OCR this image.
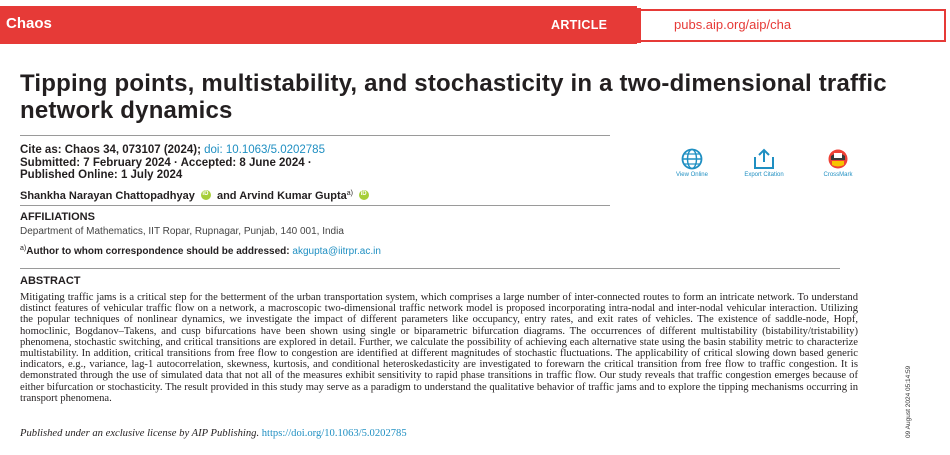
Chaos	ARTICLE	pubs.aip.org/aip/cha
Tipping points, multistability, and stochasticity in a two-dimensional traffic network dynamics
Cite as: Chaos 34, 073107 (2024); doi: 10.1063/5.0202785
Submitted: 7 February 2024 · Accepted: 8 June 2024 ·
Published Online: 1 July 2024	View Online	Export Citation	CrossMark
Shankha Narayan Chattopadhyay iD and Arvind Kumar Gupta$^{a)}$ iD
AFFILIATIONS
Department of Mathematics, IIT Ropar, Rupnagar, Punjab, 140 001, India
$^{a)}$Author to whom correspondence should be addressed: akgupta@iitrpr.ac.in
ABSTRACT

Mitigating traffic jams is a critical step for the betterment of the urban transportation system, which comprises a large number of inter-connected routes to form an intricate network. To understand distinct features of vehicular traffic flow on a network, a macroscopic two-dimensional traffic network model is proposed incorporating intra-nodal and inter-nodal vehicular interaction. Utilizing the popular techniques of nonlinear dynamics, we investigate the impact of different parameters like occupancy, entry rates, and exit rates of vehicles. The existence of saddle-node, Hopf, homoclinic, Bogdanov–Takens, and cusp bifurcations have been shown using single or biparametric bifurcation diagrams. The occurrences of different multistability (bistability/tristability) phenomena, stochastic switching, and critical transitions are explored in detail. Further, we calculate the possibility of achieving each alternative state using the basin stability metric to characterize multistability. In addition, critical transitions from free flow to congestion are identified at different magnitudes of stochastic fluctuations. The applicability of critical slowing down based generic indicators, e.g., variance, lag-1 autocorrelation, skewness, kurtosis, and conditional heteroskedasticity are investigated to forewarn the critical transition from free flow to traffic congestion. It is demonstrated through the use of simulated data that not all of the measures exhibit sensitivity to rapid phase transitions in traffic flow. Our study reveals that traffic congestion emerges because of either bifurcation or stochasticity. The result provided in this study may serve as a paradigm to understand the qualitative behavior of traffic jams and to explore the tipping mechanisms occurring in transport phenomena.

Published under an exclusive license by AIP Publishing. https://doi.org/10.1063/5.0202785	09 August 2024 05:14:59
